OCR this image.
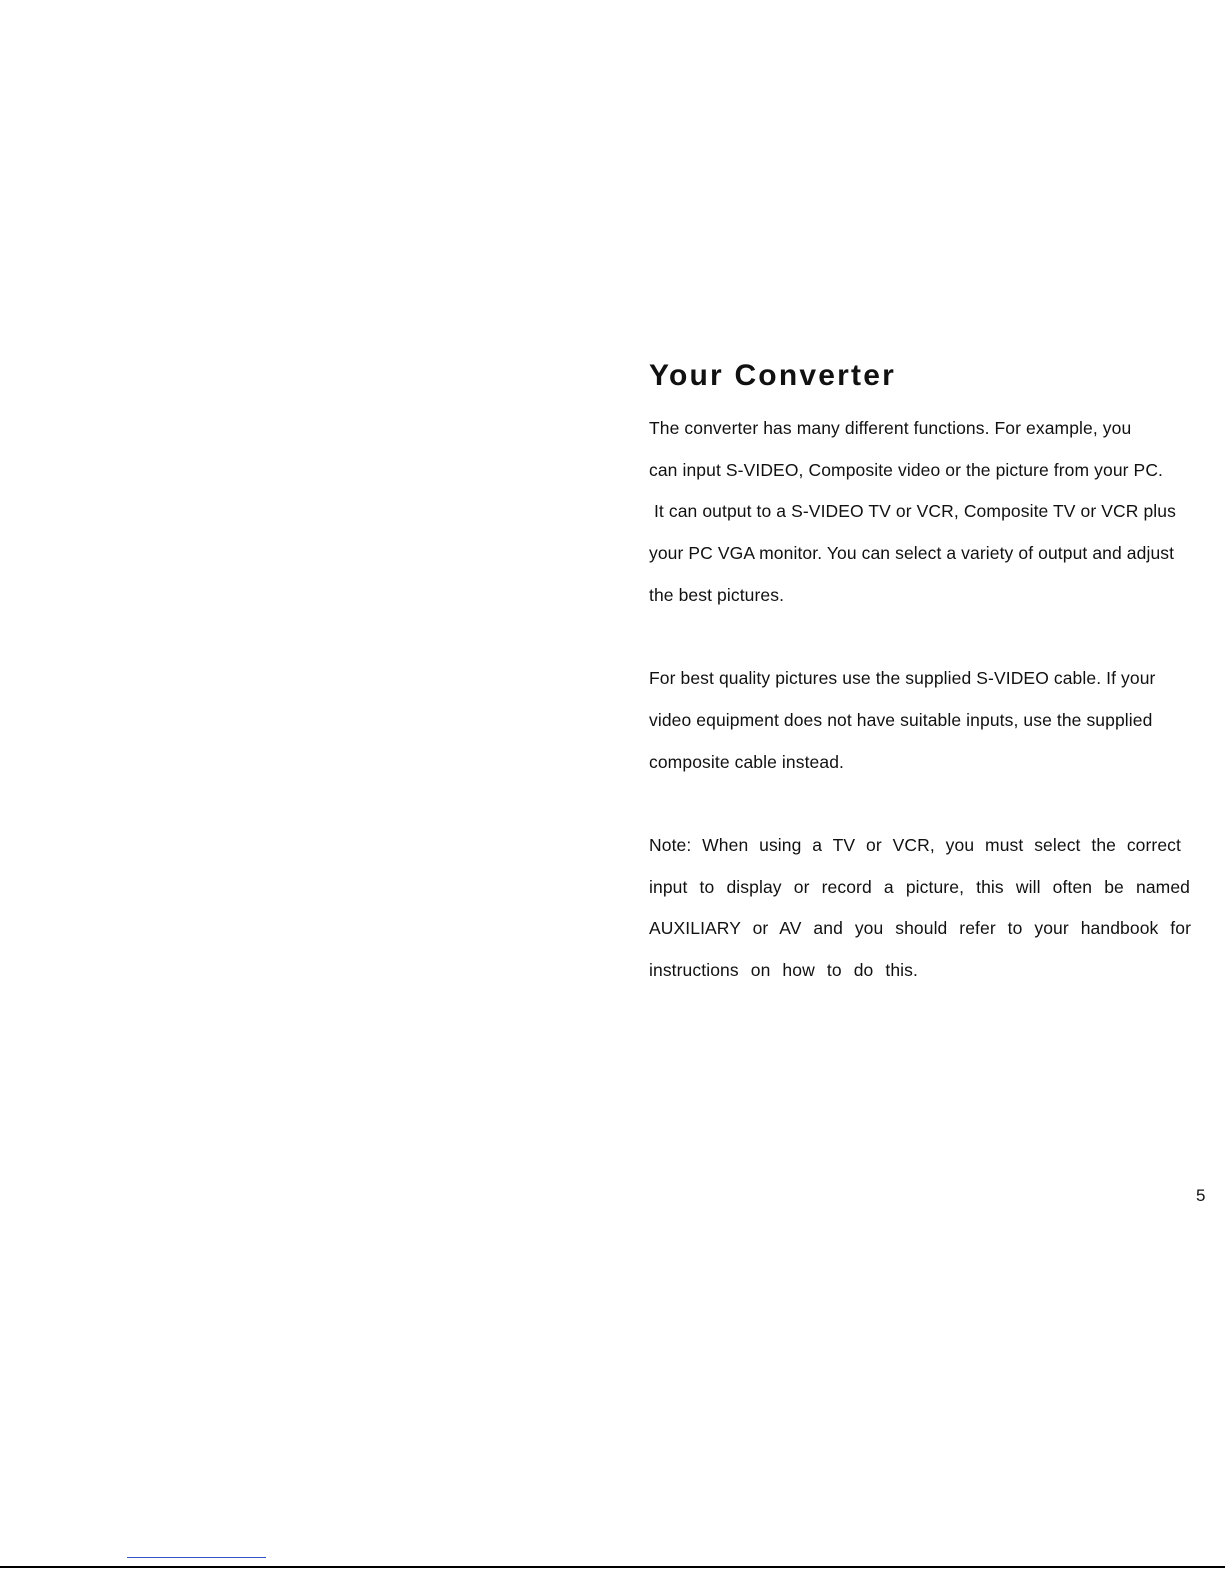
Your Converter
The converter has many different functions. For example, you
can input S-VIDEO, Composite video or the picture from your PC.
It can output to a S-VIDEO TV or VCR, Composite TV or VCR plus
your PC VGA monitor. You can select a variety of output and adjust
the best pictures.
For best quality pictures use the supplied S-VIDEO cable. If your
video equipment does not have suitable inputs, use the supplied
composite cable instead.
Note: When using a TV or VCR, you must select the correct
input to display or record a picture, this will often be named
AUXILIARY or AV and you should refer to your handbook for
instructions on how to do this.
5
